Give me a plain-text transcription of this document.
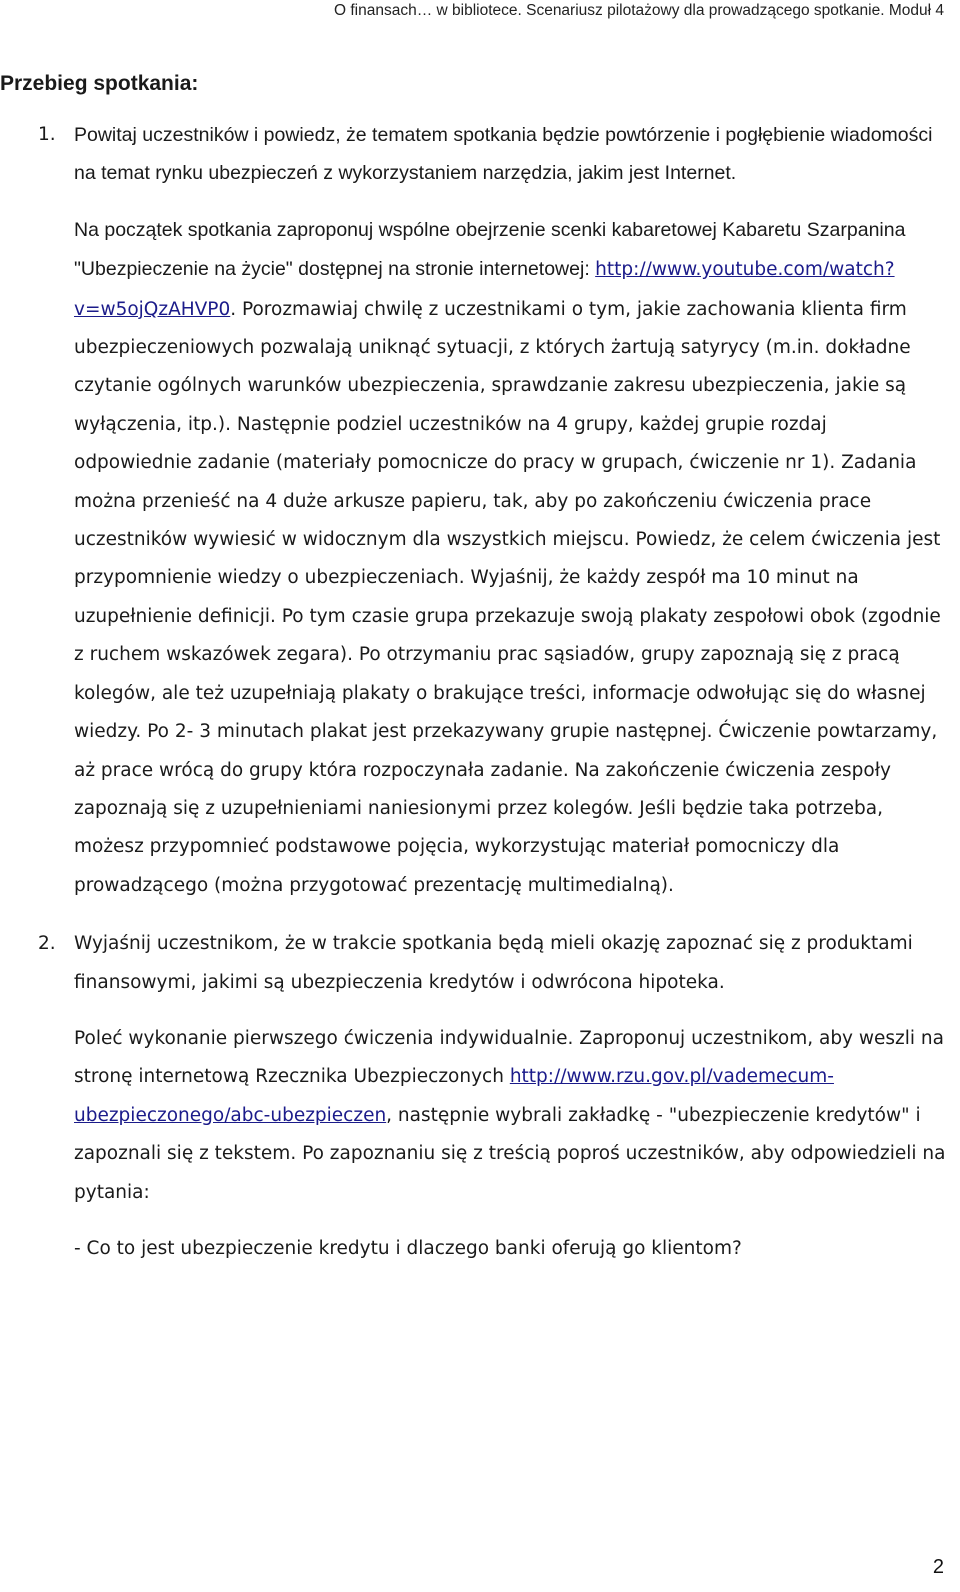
O finansach… w bibliotece. Scenariusz pilotażowy dla prowadzącego spotkanie. Moduł 4
Przebieg spotkania:
1. Powitaj uczestników i powiedz, że tematem spotkania będzie powtórzenie i pogłębienie wiadomości na temat rynku ubezpieczeń z wykorzystaniem narzędzia, jakim jest Internet.

Na początek spotkania zaproponuj wspólne obejrzenie scenki kabaretowej Kabaretu Szarpanina "Ubezpieczenie na życie" dostępnej na stronie internetowej: http://www.youtube.com/watch?v=w5ojQzAHVP0. Porozmawiaj chwilę z uczestnikami o tym, jakie zachowania klienta firm ubezpieczeniowych pozwalają uniknąć sytuacji, z których żartują satyrycy (m.in. dokładne czytanie ogólnych warunków ubezpieczenia, sprawdzanie zakresu ubezpieczenia, jakie są wyłączenia, itp.). Następnie podziel uczestników na 4 grupy, każdej grupie rozdaj odpowiednie zadanie (materiały pomocnicze do pracy w grupach, ćwiczenie nr 1). Zadania można przenieść na 4 duże arkusze papieru, tak, aby po zakończeniu ćwiczenia prace uczestników wywiesić w widocznym dla wszystkich miejscu. Powiedz, że celem ćwiczenia jest przypomnienie wiedzy o ubezpieczeniach. Wyjaśnij, że każdy zespół ma 10 minut na uzupełnienie definicji. Po tym czasie grupa przekazuje swoją plakaty zespołowi obok (zgodnie z ruchem wskazówek zegara). Po otrzymaniu prac sąsiadów, grupy zapoznają się z pracą kolegów, ale też uzupełniają plakaty o brakujące treści, informacje odwołując się do własnej wiedzy. Po 2- 3 minutach plakat jest przekazywany grupie następnej. Ćwiczenie powtarzamy, aż prace wrócą do grupy która rozpoczynała zadanie. Na zakończenie ćwiczenia zespoły zapoznają się z uzupełnieniami naniesionymi przez kolegów. Jeśli będzie taka potrzeba, możesz przypomnieć podstawowe pojęcia, wykorzystując materiał pomocniczy dla prowadzącego (można przygotować prezentację multimedialną).

2. Wyjaśnij uczestnikom, że w trakcie spotkania będą mieli okazję zapoznać się z produktami finansowymi, jakimi są ubezpieczenia kredytów i odwrócona hipoteka.

Poleć wykonanie pierwszego ćwiczenia indywidualnie. Zaproponuj uczestnikom, aby weszli na stronę internetową Rzecznika Ubezpieczonych http://www.rzu.gov.pl/vademecum-ubezpieczonego/abc-ubezpieczen, następnie wybrali zakładkę - "ubezpieczenie kredytów" i zapoznali się z tekstem. Po zapoznaniu się z treścią poproś uczestników, aby odpowiedzieli na pytania:

- Co to jest ubezpieczenie kredytu i dlaczego banki oferują go klientom?

2
